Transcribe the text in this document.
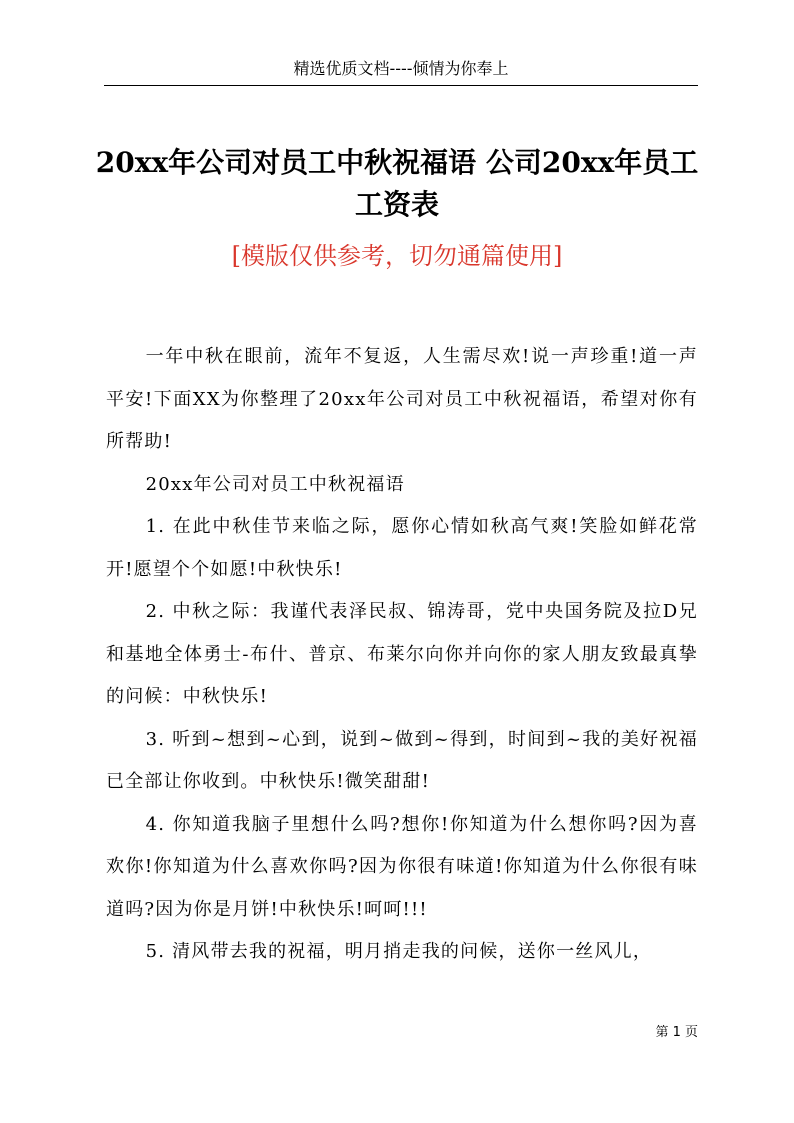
精选优质文档----倾情为你奉上
20xx年公司对员工中秋祝福语 公司20xx年员工工资表
[模版仅供参考，切勿通篇使用]

一年中秋在眼前，流年不复返，人生需尽欢!说一声珍重!道一声平安!下面XX为你整理了20xx年公司对员工中秋祝福语，希望对你有所帮助!

20xx年公司对员工中秋祝福语

1. 在此中秋佳节来临之际，愿你心情如秋高气爽!笑脸如鲜花常开!愿望个个如愿!中秋快乐!

2. 中秋之际：我谨代表泽民叔、锦涛哥，党中央国务院及拉D兄和基地全体勇士-布什、普京、布莱尔向你并向你的家人朋友致最真挚的问候：中秋快乐!

3. 听到~想到~心到，说到~做到~得到，时间到~我的美好祝福已全部让你收到。中秋快乐!微笑甜甜!

4. 你知道我脑子里想什么吗?想你!你知道为什么想你吗?因为喜欢你!你知道为什么喜欢你吗?因为你很有味道!你知道为什么你很有味道吗?因为你是月饼!中秋快乐!呵呵!!!

5. 清风带去我的祝福，明月捎走我的问候，送你一丝风儿，

第 1 页
